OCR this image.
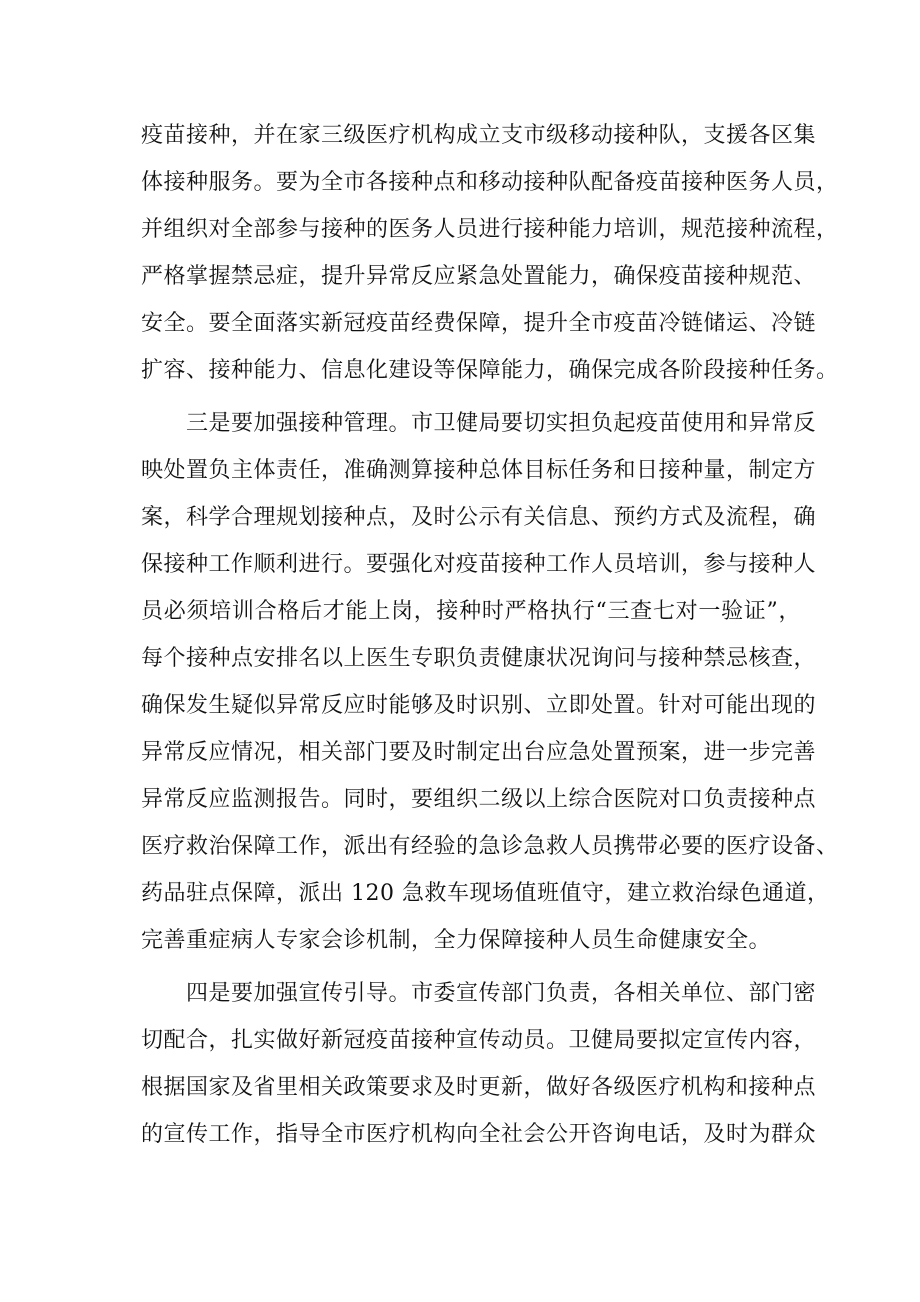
疫苗接种，并在家三级医疗机构成立支市级移动接种队，支援各区集
体接种服务。要为全市各接种点和移动接种队配备疫苗接种医务人员，
并组织对全部参与接种的医务人员进行接种能力培训，规范接种流程，
严格掌握禁忌症，提升异常反应紧急处置能力，确保疫苗接种规范、
安全。要全面落实新冠疫苗经费保障，提升全市疫苗冷链储运、冷链
扩容、接种能力、信息化建设等保障能力，确保完成各阶段接种任务。
三是要加强接种管理。市卫健局要切实担负起疫苗使用和异常反
映处置负主体责任，准确测算接种总体目标任务和日接种量，制定方
案，科学合理规划接种点，及时公示有关信息、预约方式及流程，确
保接种工作顺利进行。要强化对疫苗接种工作人员培训，参与接种人
员必须培训合格后才能上岗，接种时严格执行“三查七对一验证”，
每个接种点安排名以上医生专职负责健康状况询问与接种禁忌核查，
确保发生疑似异常反应时能够及时识别、立即处置。针对可能出现的
异常反应情况，相关部门要及时制定出台应急处置预案，进一步完善
异常反应监测报告。同时，要组织二级以上综合医院对口负责接种点
医疗救治保障工作，派出有经验的急诊急救人员携带必要的医疗设备、
药品驻点保障，派出 120 急救车现场值班值守，建立救治绿色通道，
完善重症病人专家会诊机制，全力保障接种人员生命健康安全。
四是要加强宣传引导。市委宣传部门负责，各相关单位、部门密
切配合，扎实做好新冠疫苗接种宣传动员。卫健局要拟定宣传内容，
根据国家及省里相关政策要求及时更新，做好各级医疗机构和接种点
的宣传工作，指导全市医疗机构向全社会公开咨询电话，及时为群众
